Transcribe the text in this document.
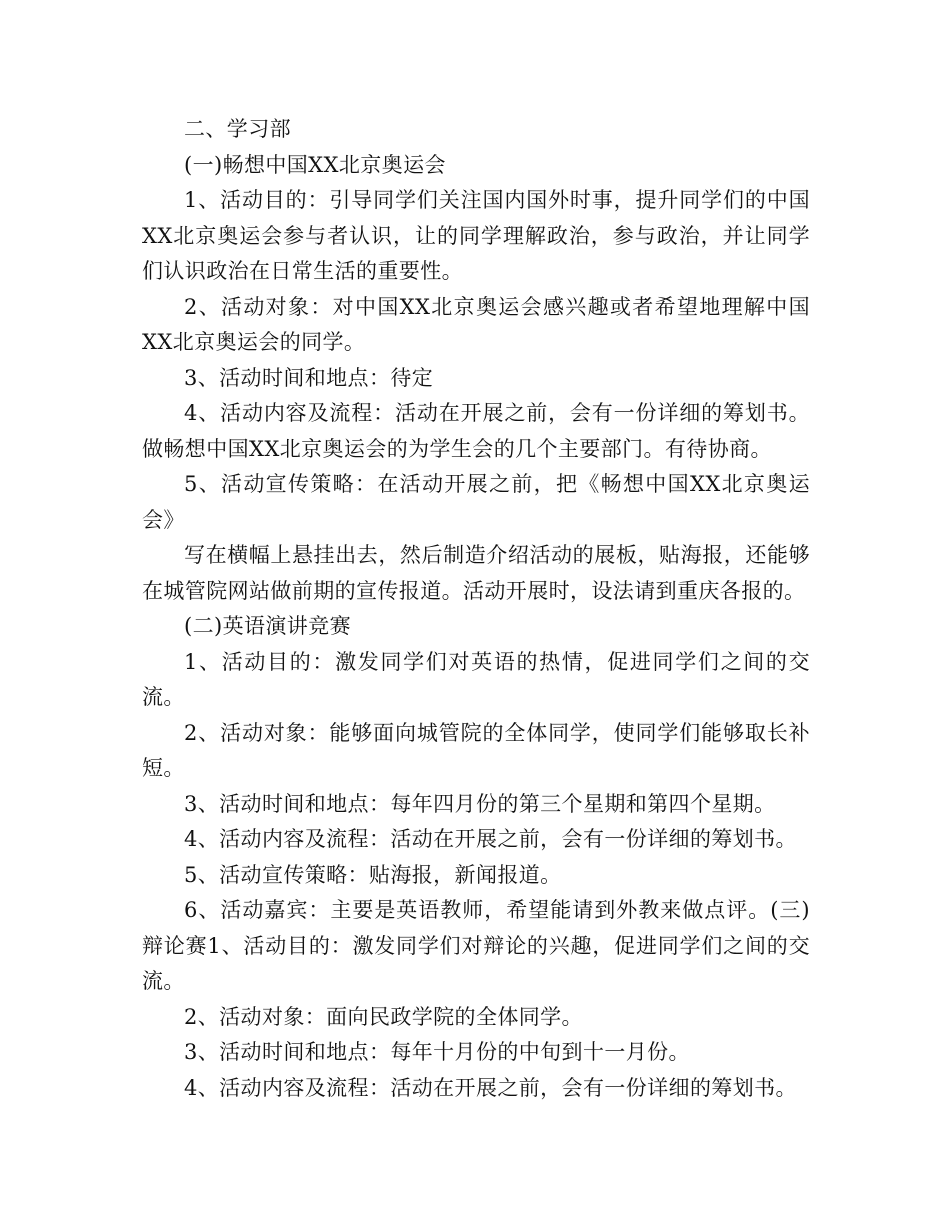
二、学习部

(一)畅想中国XX北京奥运会

1、活动目的：引导同学们关注国内国外时事，提升同学们的中国XX北京奥运会参与者认识，让的同学理解政治，参与政治，并让同学们认识政治在日常生活的重要性。

2、活动对象：对中国XX北京奥运会感兴趣或者希望地理解中国XX北京奥运会的同学。

3、活动时间和地点：待定

4、活动内容及流程：活动在开展之前，会有一份详细的筹划书。做畅想中国XX北京奥运会的为学生会的几个主要部门。有待协商。

5、活动宣传策略：在活动开展之前，把《畅想中国XX北京奥运会》

写在横幅上悬挂出去，然后制造介绍活动的展板，贴海报，还能够在城管院网站做前期的宣传报道。活动开展时，设法请到重庆各报的。

(二)英语演讲竞赛

1、活动目的：激发同学们对英语的热情，促进同学们之间的交流。

2、活动对象：能够面向城管院的全体同学，使同学们能够取长补短。

3、活动时间和地点：每年四月份的第三个星期和第四个星期。

4、活动内容及流程：活动在开展之前，会有一份详细的筹划书。

5、活动宣传策略：贴海报，新闻报道。

6、活动嘉宾：主要是英语教师，希望能请到外教来做点评。(三)辩论赛1、活动目的：激发同学们对辩论的兴趣，促进同学们之间的交流。

2、活动对象：面向民政学院的全体同学。

3、活动时间和地点：每年十月份的中旬到十一月份。

4、活动内容及流程：活动在开展之前，会有一份详细的筹划书。
